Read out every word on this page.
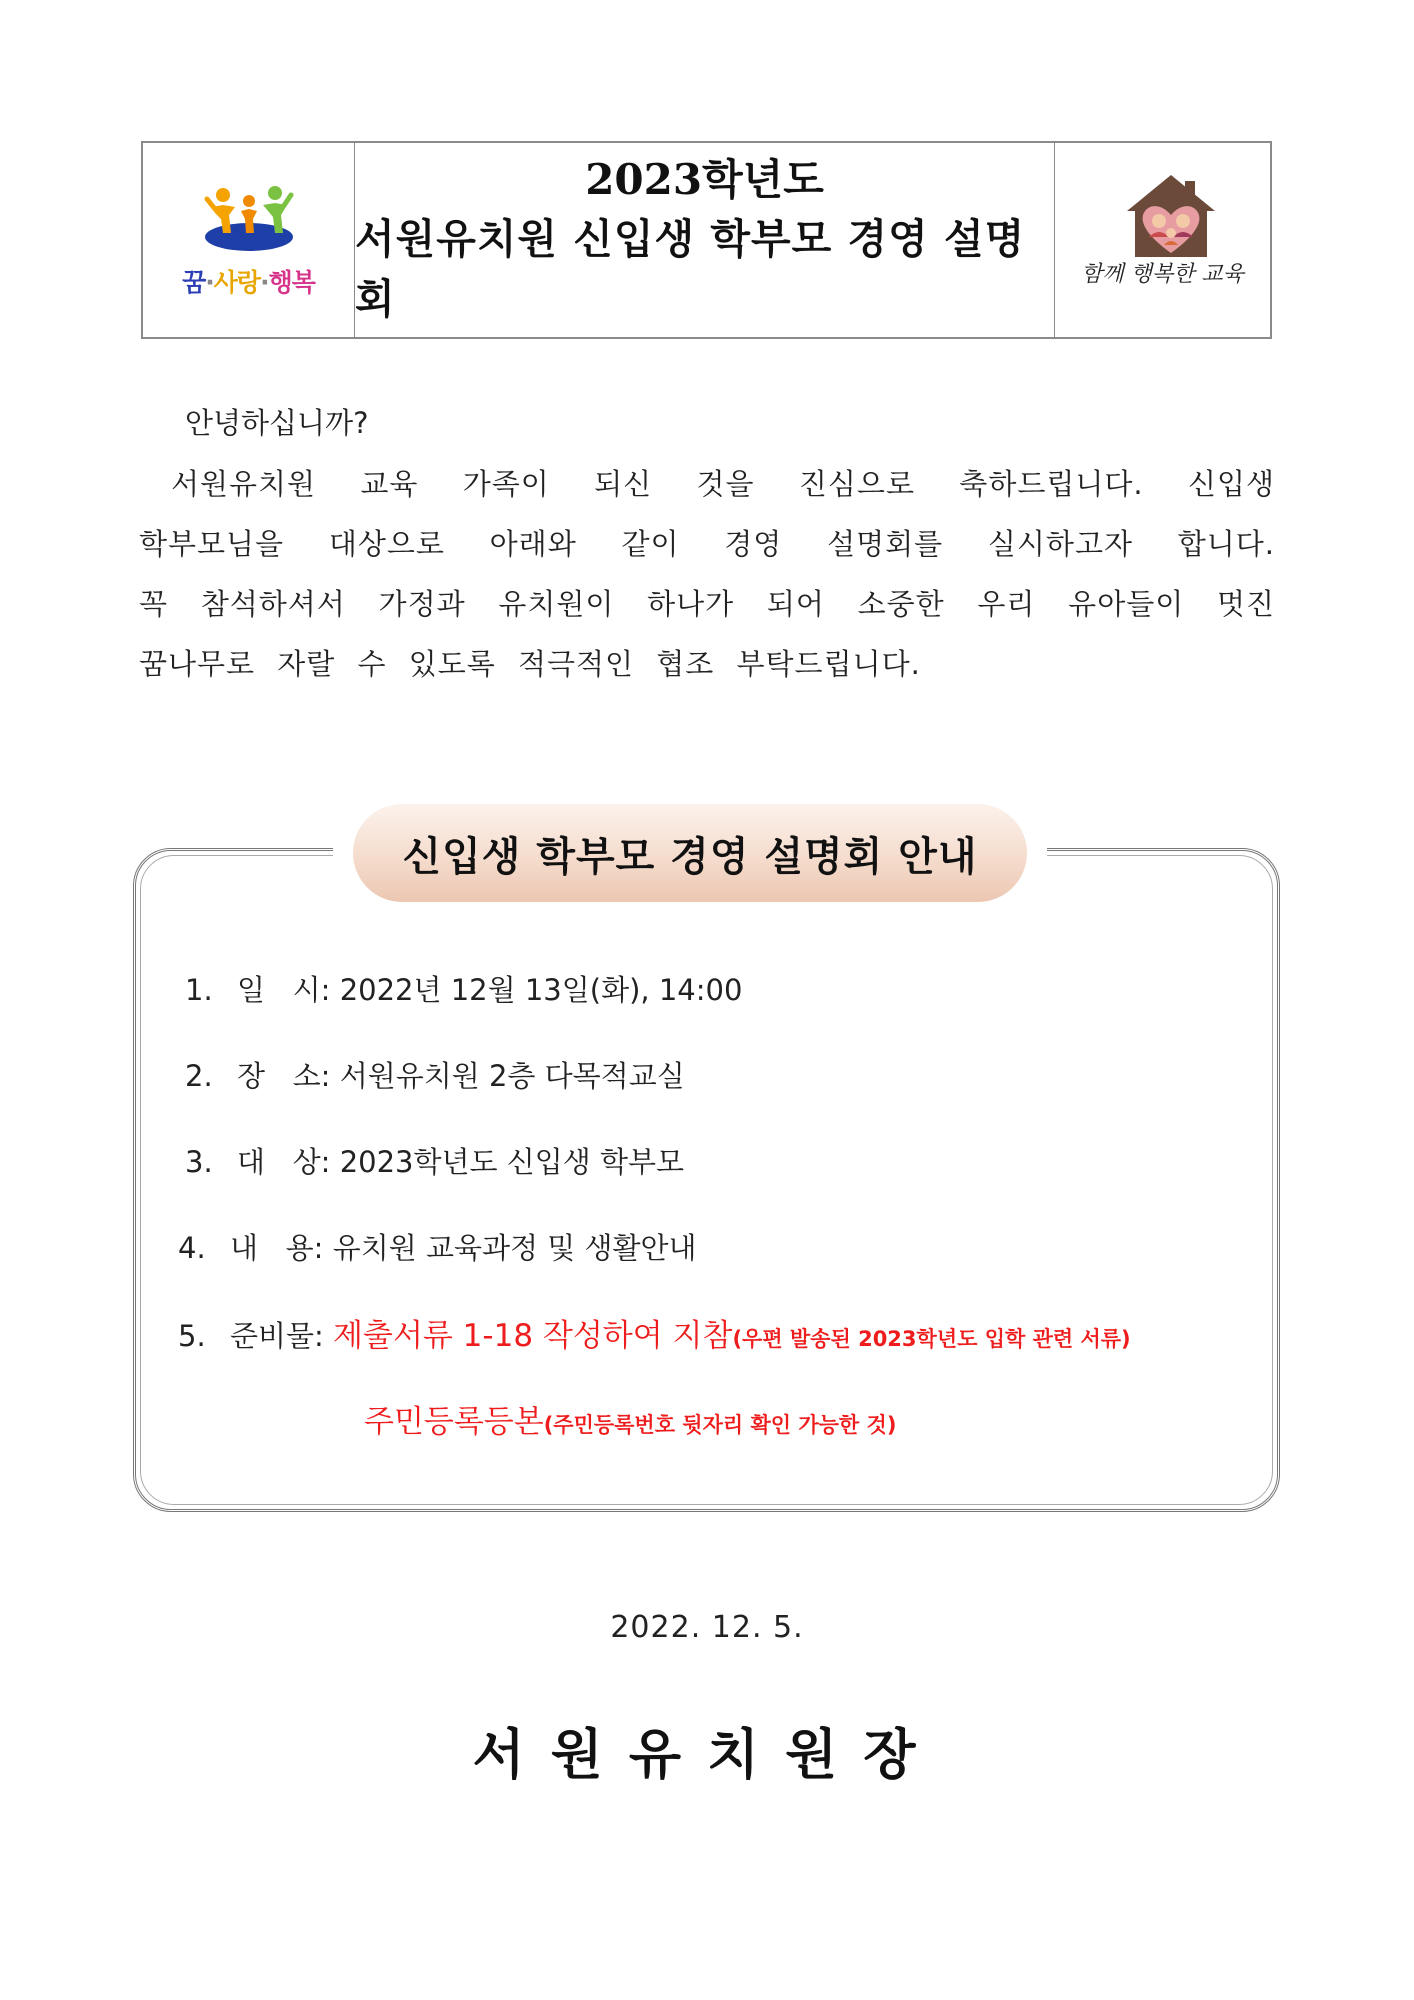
꿈·사랑·행복
2023학년도
서원유치원 신입생 학부모 경영 설명회
함께 행복한 교육
안녕하십니까?
서원유치원 교육 가족이 되신 것을 진심으로 축하드립니다. 신입생
학부모님을 대상으로 아래와 같이 경영 설명회를 실시하고자 합니다.
꼭 참석하셔서 가정과 유치원이 하나가 되어 소중한 우리 유아들이 멋진
꿈나무로 자랄 수 있도록 적극적인 협조 부탁드립니다.
신입생 학부모 경영 설명회 안내
1. 일   시: 2022년 12월 13일(화), 14:00
2. 장   소: 서원유치원 2층 다목적교실
3. 대   상: 2023학년도 신입생 학부모
4. 내   용: 유치원 교육과정 및 생활안내
5. 준비물: 제출서류 1-18 작성하여 지참(우편 발송된 2023학년도 입학 관련 서류)
주민등록등본(주민등록번호 뒷자리 확인 가능한 것)
2022. 12. 5.
서원유치원장
